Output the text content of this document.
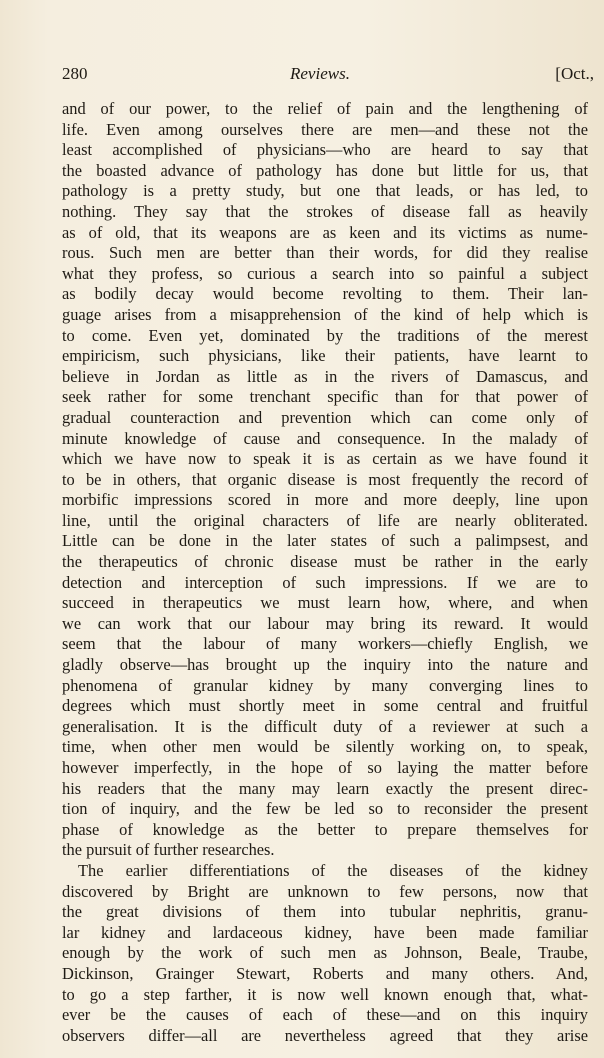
280	Reviews.	[Oct.,
and of our power, to the relief of pain and the lengthening of
life. Even among ourselves there are men—and these not the
least accomplished of physicians—who are heard to say that
the boasted advance of pathology has done but little for us, that
pathology is a pretty study, but one that leads, or has led, to
nothing. They say that the strokes of disease fall as heavily
as of old, that its weapons are as keen and its victims as nume-
rous. Such men are better than their words, for did they realise
what they profess, so curious a search into so painful a subject
as bodily decay would become revolting to them. Their lan-
guage arises from a misapprehension of the kind of help which is
to come. Even yet, dominated by the traditions of the merest
empiricism, such physicians, like their patients, have learnt to
believe in Jordan as little as in the rivers of Damascus, and
seek rather for some trenchant specific than for that power of
gradual counteraction and prevention which can come only of
minute knowledge of cause and consequence. In the malady of
which we have now to speak it is as certain as we have found it
to be in others, that organic disease is most frequently the record of
morbific impressions scored in more and more deeply, line upon
line, until the original characters of life are nearly obliterated.
Little can be done in the later states of such a palimpsest, and
the therapeutics of chronic disease must be rather in the early
detection and interception of such impressions. If we are to
succeed in therapeutics we must learn how, where, and when
we can work that our labour may bring its reward. It would
seem that the labour of many workers—chiefly English, we
gladly observe—has brought up the inquiry into the nature and
phenomena of granular kidney by many converging lines to
degrees which must shortly meet in some central and fruitful
generalisation. It is the difficult duty of a reviewer at such a
time, when other men would be silently working on, to speak,
however imperfectly, in the hope of so laying the matter before
his readers that the many may learn exactly the present direc-
tion of inquiry, and the few be led so to reconsider the present
phase of knowledge as the better to prepare themselves for
the pursuit of further researches.
The earlier differentiations of the diseases of the kidney
discovered by Bright are unknown to few persons, now that
the great divisions of them into tubular nephritis, granu-
lar kidney and lardaceous kidney, have been made familiar
enough by the work of such men as Johnson, Beale, Traube,
Dickinson, Grainger Stewart, Roberts and many others. And,
to go a step farther, it is now well known enough that, what-
ever be the causes of each of these—and on this inquiry
observers differ—all are nevertheless agreed that they arise
